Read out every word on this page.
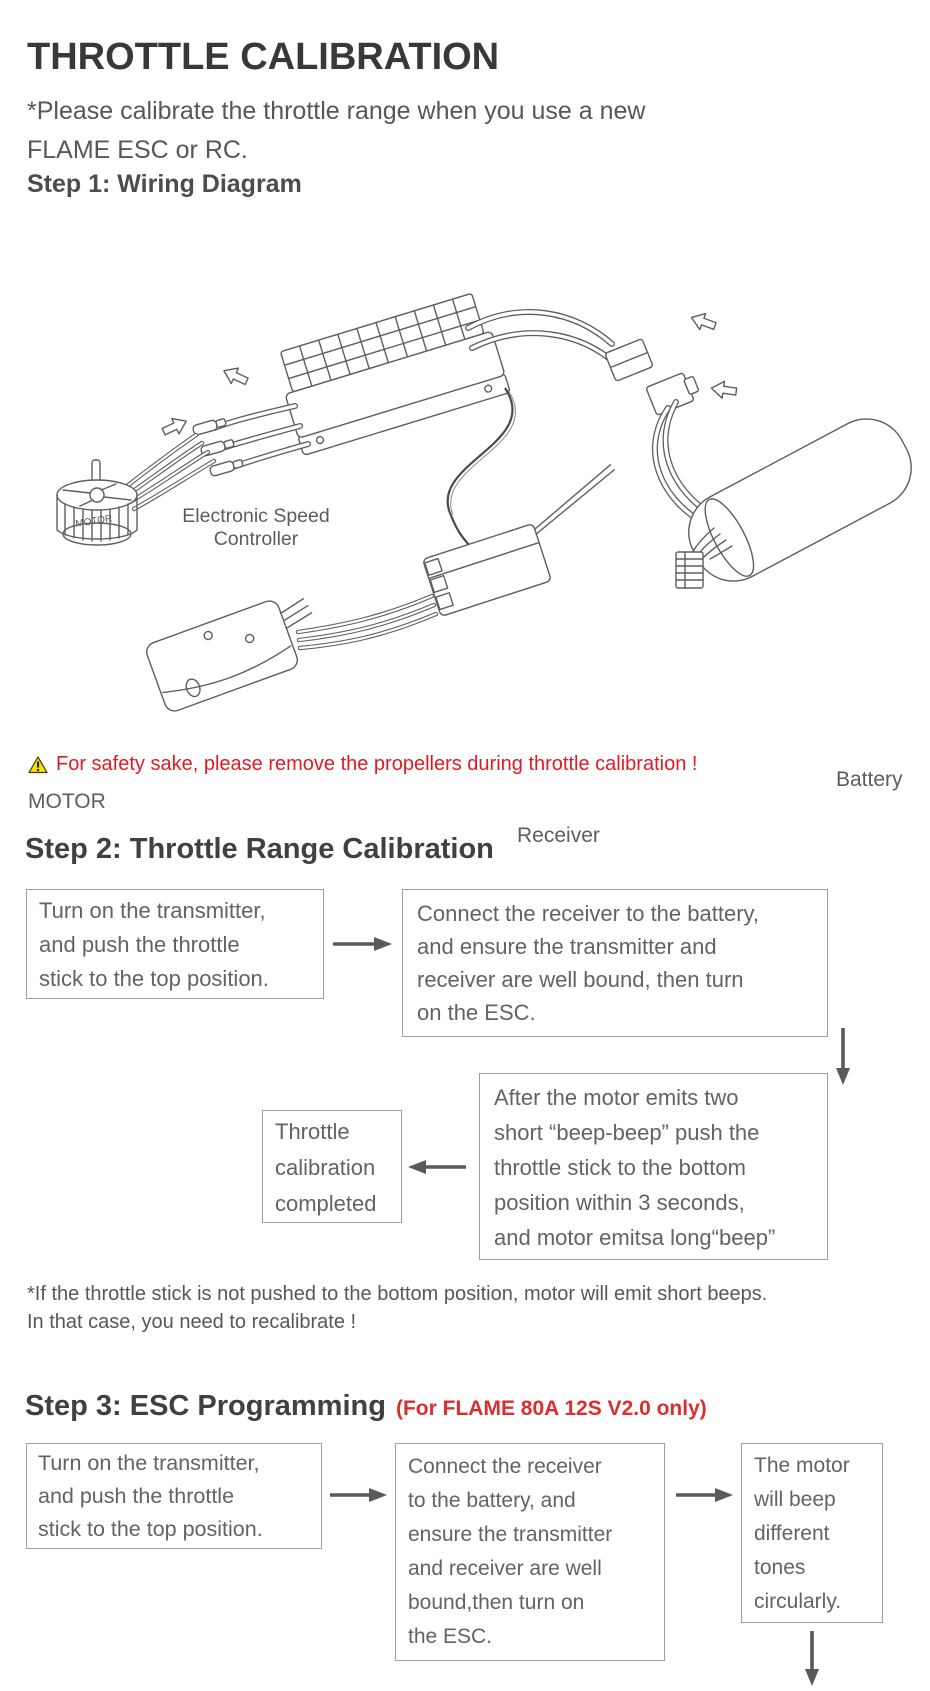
THROTTLE CALIBRATION
*Please calibrate the throttle range when you use a new
FLAME ESC or RC.
Step 1: Wiring Diagram
MOTOR	Electronic Speed
Controller
MOTOR
Battery
Receiver
For safety sake, please remove the propellers during throttle calibration !
Step 2: Throttle Range Calibration
Turn on the transmitter,
and push the throttle
stick to the top position.
Connect the receiver to the battery,
and ensure the transmitter and
receiver are well bound, then turn
on the ESC.
After the motor emits two
short “beep-beep” push the
throttle stick to the bottom
position within 3 seconds,
and motor emitsa long“beep”
Throttle
calibration
completed
*If the throttle stick is not pushed to the bottom position, motor will emit short beeps.
In that case, you need to recalibrate !
Step 3: ESC Programming (For FLAME 80A 12S V2.0 only)
Turn on the transmitter,
and push the throttle
stick to the top position.
Connect the receiver
to the battery, and
ensure the transmitter
and receiver are well
bound,then turn on
the ESC.
The motor
will beep
different
tones
circularly.
